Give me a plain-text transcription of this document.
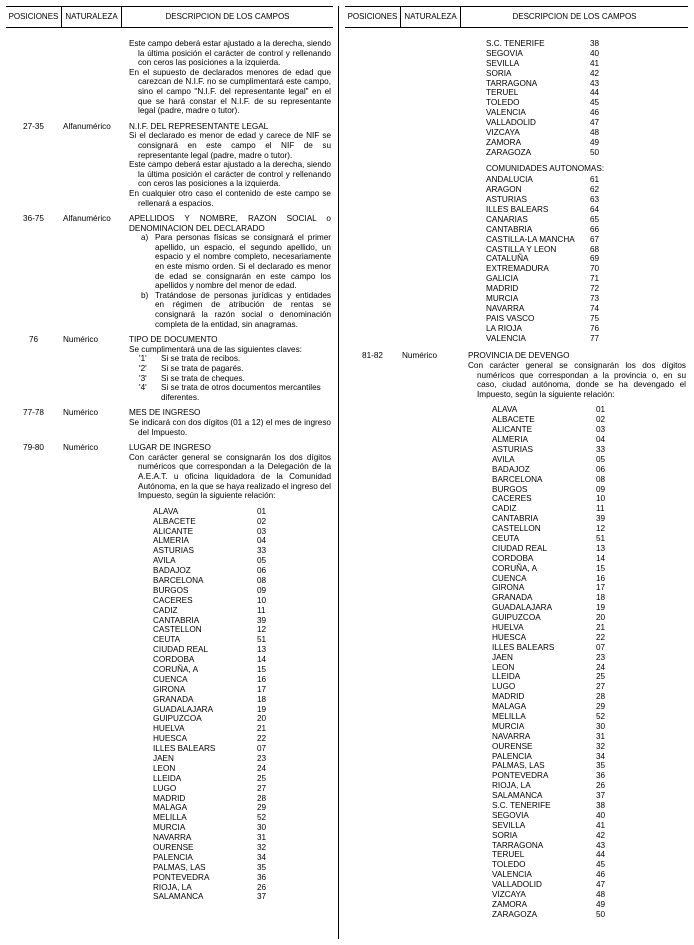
POSICIONES NATURALEZA	DESCRIPCION DE LOS CAMPOS

Este campo deberá estar ajustado a la derecha, siendo la última posición el carácter de control y rellenando con ceros las posiciones a la izquierda.

En el supuesto de declarados menores de edad que carezcan de N.I.F. no se cumplimentará este campo, sino el campo "N.I.F. del representante legal" en el que se hará constar el N.I.F. de su representante legal (padre, madre o tutor).

27-35	Alfanumérico	N.I.F. DEL REPRESENTANTE LEGAL

Si el declarado es menor de edad y carece de NIF se consignará en este campo el NIF de su representante legal (padre, madre o tutor).

Este campo deberá estar ajustado a la derecha, siendo la última posición el carácter de control y rellenando con ceros las posiciones a la izquierda.

En cualquier otro caso el contenido de este campo se rellenará a espacios.

36-75	Alfanumérico	APELLIDOS Y NOMBRE, RAZON SOCIAL o DENOMINACION DEL DECLARADO

a) Para personas físicas se consignará el primer apellido, un espacio, el segundo apellido, un espacio y el nombre completo, necesariamente en este mismo orden. Si el declarado es menor de edad se consignarán en este campo los apellidos y nombre del menor de edad.
b) Tratándose de personas jurídicas y entidades en régimen de atribución de rentas se consignará la razón social o denominación completa de la entidad, sin anagramas.
76	Numérico	TIPO DE DOCUMENTO

Se cumplimentará una de las siguientes claves:

'1' Si se trata de recibos.
'2' Si se trata de pagarés.
'3' Si se trata de cheques.
'4'	Si se trata de otros documentos mercantiles diferentes.
77-78	Numérico	MES DE INGRESO

Se indicará con dos dígitos (01 a 12) el mes de ingreso del Impuesto.

79-80	Numérico	LUGAR DE INGRESO

Con carácter general se consignarán los dos dígitos numéricos que correspondan a la Delegación de la A.E.A.T. u oficina liquidadora de la Comunidad Autónoma, en la que se haya realizado el ingreso del Impuesto, según la siguiente relación:

ALAVA	01
ALBACETE	02
ALICANTE	03
ALMERIA	04
ASTURIAS	33
AVILA	05
BADAJOZ	06
BARCELONA	08
BURGOS	09
CACERES	10
CADIZ	11
CANTABRIA	39
CASTELLON	12
CEUTA	51
CIUDAD REAL	13
CORDOBA	14
CORUÑA, A	15
CUENCA	16
GIRONA	17
GRANADA	18
GUADALAJARA	19
GUIPUZCOA	20
HUELVA	21
HUESCA	22
ILLES BALEARS	07
JAEN	23
LEON	24
LLEIDA	25
LUGO	27
MADRID	28
MALAGA	29
MELILLA	52
MURCIA	30
NAVARRA	31
OURENSE	32
PALENCIA	34
PALMAS, LAS	35
PONTEVEDRA	36
RIOJA, LA	26
SALAMANCA	37
POSICIONES NATURALEZA	DESCRIPCION DE LOS CAMPOS
S.C. TENERIFE	38
SEGOVIA	40
SEVILLA	41
SORIA	42
TARRAGONA	43
TERUEL	44
TOLEDO	45
VALENCIA	46
VALLADOLID	47
VIZCAYA	48
ZAMORA	49
ZARAGOZA	50

COMUNIDADES AUTONOMAS:

ANDALUCIA	61
ARAGON	62
ASTURIAS	63
ILLES BALEARS	64
CANARIAS	65
CANTABRIA	66
CASTILLA-LA MANCHA	67
CASTILLA Y LEON	68
CATALUÑA	69
EXTREMADURA	70
GALICIA	71
MADRID	72
MURCIA	73
NAVARRA	74
PAIS VASCO	75
LA RIOJA	76
VALENCIA	77
81-82	Numérico	PROVINCIA DE DEVENGO

Con carácter general se consignarán los dos dígitos numéricos que correspondan a la provincia o, en su caso, ciudad autónoma, donde se ha devengado el Impuesto, según la siguiente relación:

ALAVA	01
ALBACETE	02
ALICANTE	03
ALMERIA	04
ASTURIAS	33
AVILA	05
BADAJOZ	06
BARCELONA	08
BURGOS	09
CACERES	10
CADIZ	11
CANTABRIA	39
CASTELLON	12
CEUTA	51
CIUDAD REAL	13
CORDOBA	14
CORUÑA, A	15
CUENCA	16
GIRONA	17
GRANADA	18
GUADALAJARA	19
GUIPUZCOA	20
HUELVA	21
HUESCA	22
ILLES BALEARS	07
JAEN	23
LEON	24
LLEIDA	25
LUGO	27
MADRID	28
MALAGA	29
MELILLA	52
MURCIA	30
NAVARRA	31
OURENSE	32
PALENCIA	34
PALMAS, LAS	35
PONTEVEDRA	36
RIOJA, LA	26
SALAMANCA	37
S.C. TENERIFE	38
SEGOVIA	40
SEVILLA	41
SORIA	42
TARRAGONA	43
TERUEL	44
TOLEDO	45
VALENCIA	46
VALLADOLID	47
VIZCAYA	48
ZAMORA	49
ZARAGOZA	50
